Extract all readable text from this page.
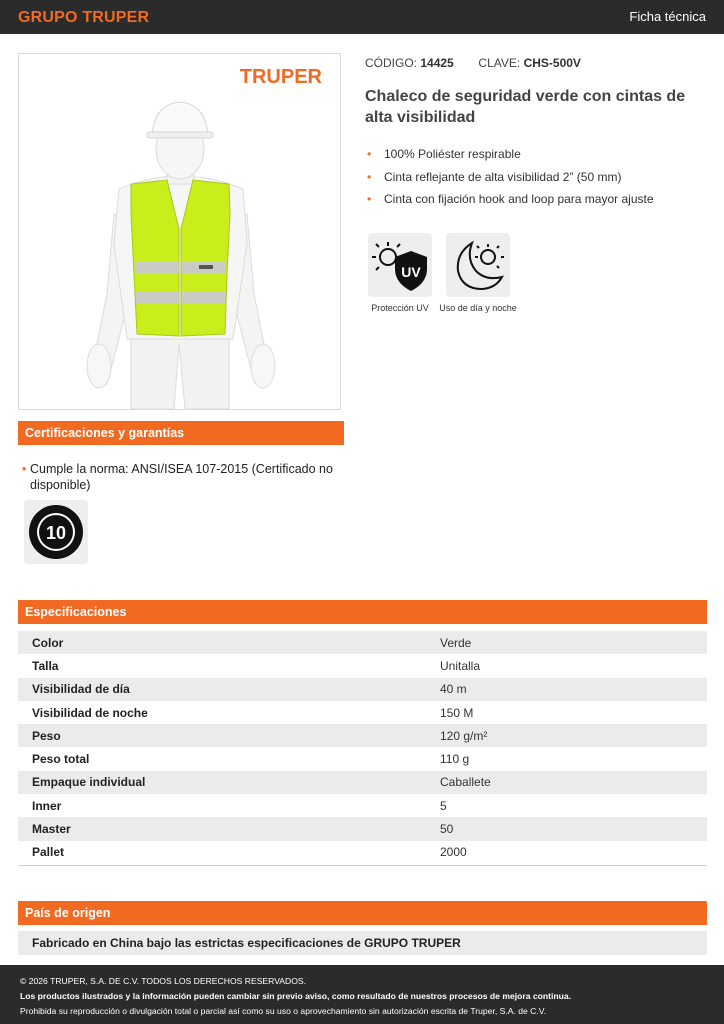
GRUPO TRUPER	Ficha técnica
TRUPER
CÓDIGO: 14425 CLAVE: CHS-500V
Chaleco de seguridad verde con cintas de alta visibilidad
• 100% Poliéster respirable
• Cinta reflejante de alta visibilidad 2” (50 mm)
• Cinta con fijación hook and loop para mayor ajuste
UV
Protección UV	Uso de día y noche
Certificaciones y garantías
• Cumple la norma: ANSI/ISEA 107-2015 (Certificado no disponible)
10
Especificaciones
Color	Verde
Talla	Unitalla
Visibilidad de día	40 m
Visibilidad de noche	150 M
Peso	120 g/m²
Peso total	110 g
Empaque individual	Caballete
Inner	5
Master	50
Pallet	2000
País de origen
Fabricado en China bajo las estrictas especificaciones de GRUPO TRUPER
© 2026 TRUPER, S.A. DE C.V. TODOS LOS DERECHOS RESERVADOS.
Los productos ilustrados y la información pueden cambiar sin previo aviso, como resultado de nuestros procesos de mejora continua.
Prohibida su reproducción o divulgación total o parcial así como su uso o aprovechamiento sin autorización escrita de Truper, S.A. de C.V.
